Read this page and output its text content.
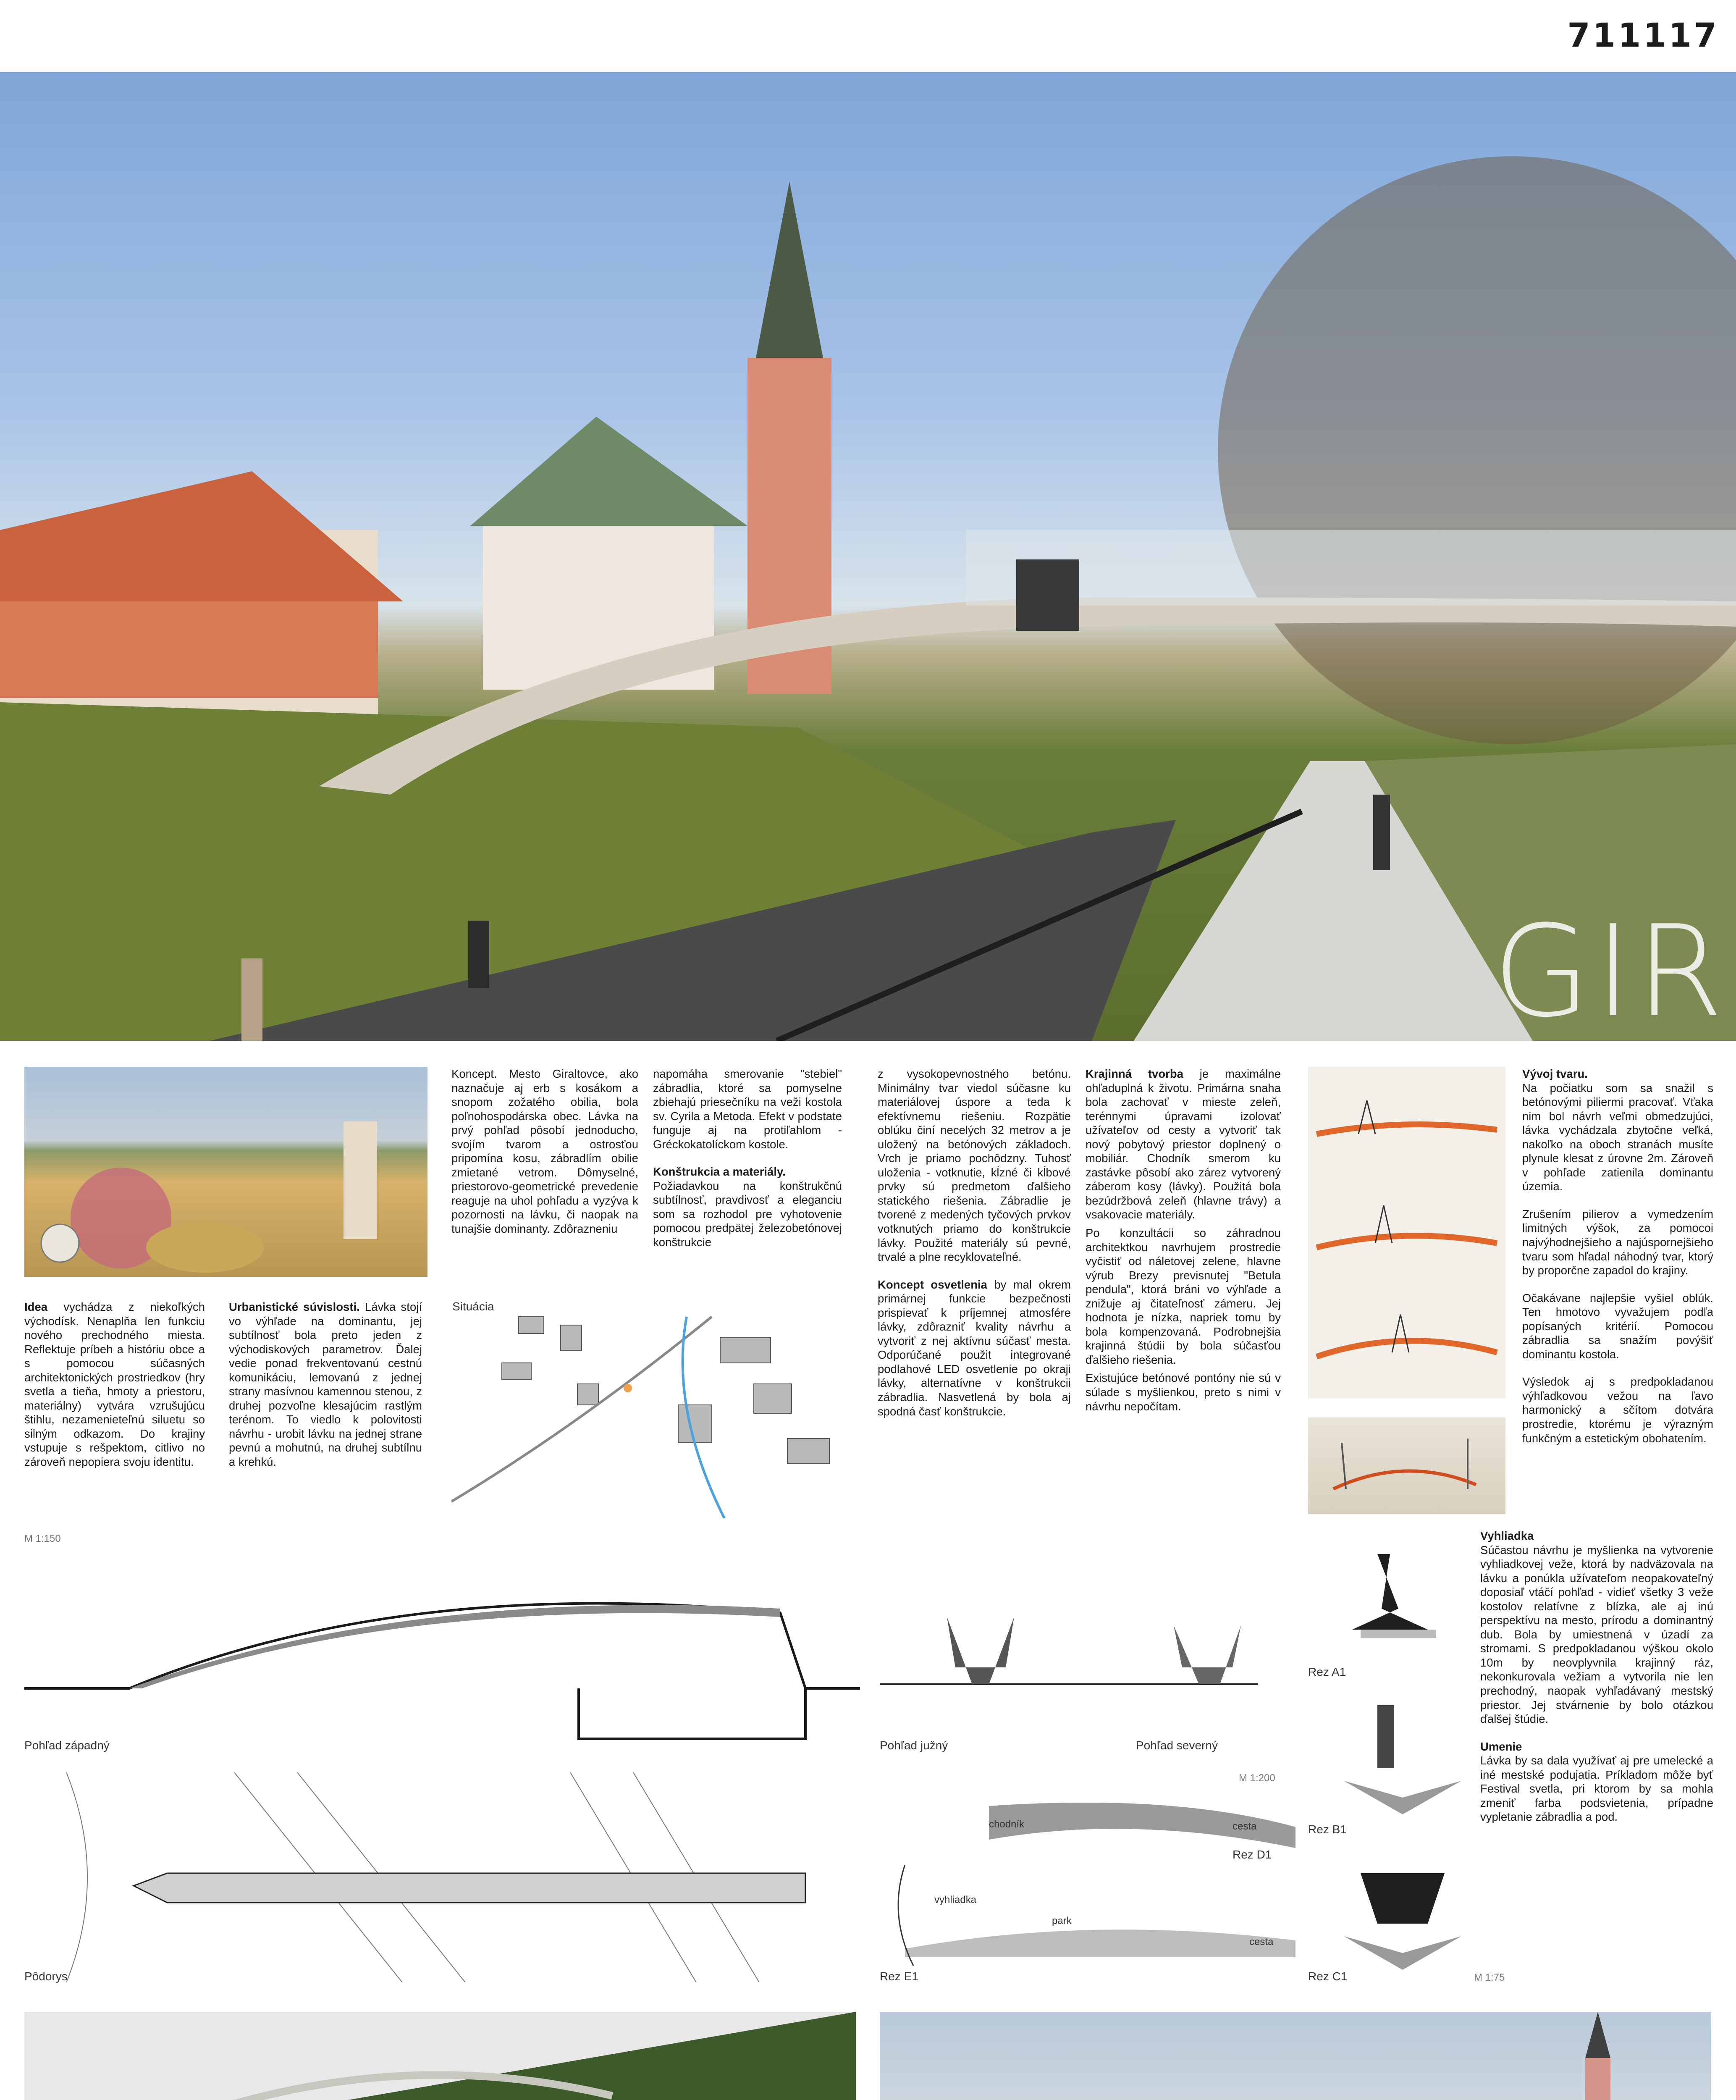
711117
GIR

Idea vychádza z niekoľkých východísk. Nenaplňa len funkciu nového prechodného miesta. Reflektuje príbeh a históriu obce a s pomocou súčasných architektonických prostriedkov (hry svetla a tieňa, hmoty a priestoru, materiálny) vytvára vzrušujúcu štihlu, nezamenieteľnú siluetu so silným odkazom. Do krajiny vstupuje s rešpektom, citlivo no zároveň nepopiera svoju identitu.

Urbanistické súvislosti. Lávka stojí vo výhľade na dominantu, jej subtílnosť bola preto jeden z východiskových parametrov. Ďalej vedie ponad frekventovanú cestnú komunikáciu, lemovanú z jednej strany masívnou kamennou stenou, z druhej pozvoľne klesajúcim rastlým terénom. To viedlo k polovitosti návrhu - urobit lávku na jednej strane pevnú a mohutnú, na druhej subtílnu a krehkú.

Koncept. Mesto Giraltovce, ako naznačuje aj erb s kosákom a snopom zožatého obilia, bola poľnohospodárska obec. Lávka na prvý pohľad pôsobí jednoducho, svojím tvarom a ostrosťou pripomína kosu, zábradlím obilie zmietané vetrom. Dômyselné, priestorovo-geometrické prevedenie reaguje na uhol pohľadu a vyzýva k pozornosti na lávku, či naopak na tunajšie dominanty. Zdôrazneniu

napomáha smerovanie "stebiel" zábradlia, ktoré sa pomyselne zbiehajú priesečníku na veži kostola sv. Cyrila a Metoda. Efekt v podstate funguje aj na protiľahlom - Gréckokatolíckom kostole.

Konštrukcia a materiály.
Požiadavkou na konštrukčnú subtílnosť, pravdivosť a eleganciu som sa rozhodol pre vyhotovenie pomocou predpätej železobetónovej konštrukcie

Situácia

z vysokopevnostného betónu. Minimálny tvar viedol súčasne ku materiálovej úspore a teda k efektívnemu riešeniu. Rozpätie oblúku činí necelých 32 metrov a je uložený na betónových základoch. Vrch je priamo pochôdzny. Tuhosť uloženia - votknutie, kĺzné či kĺbové prvky sú predmetom ďalšieho statického riešenia. Zábradlie je tvorené z medených tyčových prvkov votknutých priamo do konštrukcie lávky. Použité materiály sú pevné, trvalé a plne recyklovateľné.

Koncept osvetlenia by mal okrem primárnej funkcie bezpečnosti prispievať k príjemnej atmosfére lávky, zdôrazniť kvality návrhu a vytvoriť z nej aktívnu súčasť mesta. Odporúčané použit integrované podlahové LED osvetlenie po okraji lávky, alternatívne v konštrukcii zábradlia. Nasvetlená by bola aj spodná časť konštrukcie.

Krajinná tvorba je maximálne ohľaduplná k životu. Primárna snaha bola zachovať v mieste zeleň, terénnymi úpravami izolovať užívateľov od cesty a vytvoriť tak nový pobytový priestor doplnený o mobiliár. Chodník smerom ku zastávke pôsobí ako zárez vytvorený záberom kosy (lávky). Použitá bola bezúdržbová zeleň (hlavne trávy) a vsakovacie materiály.

Po konzultácii so záhradnou architektkou navrhujem prostredie vyčistiť od náletovej zelene, hlavne výrub Brezy previsnutej "Betula pendula", ktorá bráni vo výhľade a znižuje aj čitateľnosť zámeru. Jej hodnota je nízka, napriek tomu by bola kompenzovaná. Podrobnejšia krajinná štúdii by bola súčasťou ďalšieho riešenia.

Existujúce betónové pontóny nie sú v súlade s myšlienkou, preto s nimi v návrhu nepočítam.

Vývoj tvaru.
Na počiatku som sa snažil s betónovými piliermi pracovať. Vťaka nim bol návrh veľmi obmedzujúci, lávka vychádzala zbytočne veľká, nakoľko na oboch stranách musíte plynule klesat z úrovne 2m. Zároveň v pohľade zatienila dominantu územia.

Zrušením pilierov a vymedzením limitných výšok, za pomocoi najvýhodnejšieho a najúspornejšieho tvaru som hľadal náhodný tvar, ktorý by proporčne zapadol do krajiny.

Očakávane najlepšie vyšiel oblúk. Ten hmotovo vyvažujem podľa popísaných kritérií. Pomocou zábradlia sa snažím povýšiť dominantu kostola.

Výsledok aj s predpokladanou výhľadkovou vežou na ľavo harmonický a sčítom dotvára prostredie, ktorému je výrazným funkčným a estetickým obohatením.

Vyhliadka
Súčastou návrhu je myšlienka na vytvorenie vyhliadkovej veže, ktorá by nadväzovala na lávku a ponúkla užívateľom neopakovateľný doposiaľ vtáčí pohľad - vidieť všetky 3 veže kostolov relatívne z blízka, ale aj inú perspektívu na mesto, prírodu a dominantný dub. Bola by umiestnená v úzadí za stromami. S predpokladanou výškou okolo 10m by neovplyvnila krajinný ráz, nekonkurovala vežiam a vytvorila nie len prechodný, naopak vyhľadávaný mestský priestor. Jej stvárnenie by bolo otázkou ďalšej štúdie.

Umenie
Lávka by sa dala využívať aj pre umelecké a iné mestské podujatia. Príkladom môže byť Festival svetla, pri ktorom by sa mohla zmeniť farba podsvietenia, prípadne vypletanie zábradlia a pod.

M 1:150
Pohľad západný
Pôdorys
Pohľad južný	Pohľad severný
M 1:200
chodník	cesta
Rez D1
vyhliadka
park
cesta
Rez E1
Rez A1
Rez B1
Rez C1	M 1:75
